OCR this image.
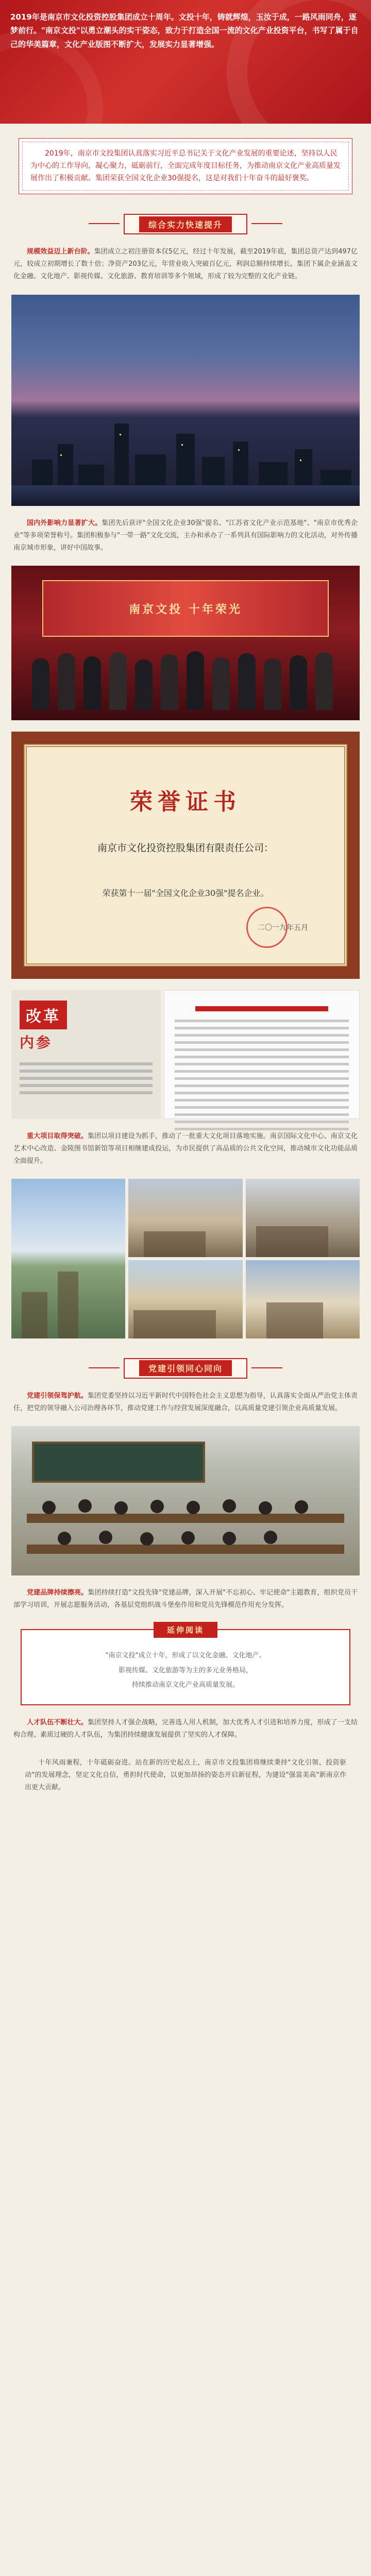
2019年是南京市文化投资控股集团成立十周年。文投十年，铸就辉煌，玉汝于成，一路风雨同舟，逐梦前行。"南京文投"以勇立潮头的实干姿态，致力于打造全国一流的文化产业投资平台，书写了属于自己的华美篇章，文化产业版图不断扩大，发展实力显著增强。

2019年，南京市文投集团认真落实习近平总书记关于文化产业发展的重要论述，坚持以人民为中心的工作导向，凝心聚力，砥砺前行，全面完成年度目标任务，为推动南京文化产业高质量发展作出了积极贡献。集团荣获全国文化企业30强提名，这是对我们十年奋斗的最好褒奖。

综合实力快速提升

规模效益迈上新台阶。集团成立之初注册资本仅5亿元，经过十年发展，截至2019年底，集团总资产达到497亿元，较成立初期增长了数十倍；净资产203亿元，年营业收入突破百亿元，利润总额持续增长。集团下属企业涵盖文化金融、文化地产、影视传媒、文化旅游、教育培训等多个领域，形成了较为完整的文化产业链。

国内外影响力显著扩大。集团先后获评"全国文化企业30强"提名、"江苏省文化产业示范基地"、"南京市优秀企业"等多项荣誉称号。集团积极参与"一带一路"文化交流，主办和承办了一系列具有国际影响力的文化活动，对外传播南京城市形象，讲好中国故事。

南京文投 十年荣光
荣誉证书
南京市文化投资控股集团有限责任公司：
荣获第十一届"全国文化企业30强"提名企业。
二〇一九年五月
改革
内参

重大项目取得突破。集团以项目建设为抓手，推动了一批重大文化项目落地实施。南京国际文化中心、南京文化艺术中心改造、金陵图书馆新馆等项目相继建成投运，为市民提供了高品质的公共文化空间，推动城市文化功能品质全面提升。

党建引领同心同向

党建引领保驾护航。集团党委坚持以习近平新时代中国特色社会主义思想为指导，认真落实全面从严治党主体责任，把党的领导融入公司治理各环节，推动党建工作与经营发展深度融合，以高质量党建引领企业高质量发展。

党建品牌持续擦亮。集团持续打造"文投先锋"党建品牌，深入开展"不忘初心、牢记使命"主题教育，组织党员干部学习培训，开展志愿服务活动，各基层党组织战斗堡垒作用和党员先锋模范作用充分发挥。

延伸阅读

"南京文投"成立十年，形成了以文化金融、文化地产、

影视传媒、文化旅游等为主的多元业务格局，

持续推动南京文化产业高质量发展。

人才队伍不断壮大。集团坚持人才强企战略，完善选人用人机制，加大优秀人才引进和培养力度，形成了一支结构合理、素质过硬的人才队伍，为集团持续健康发展提供了坚实的人才保障。

十年风雨兼程，十年砥砺奋进。站在新的历史起点上，南京市文投集团将继续秉持"文化引领、投资驱动"的发展理念，坚定文化自信，勇担时代使命，以更加昂扬的姿态开启新征程，为建设"强富美高"新南京作出更大贡献。
